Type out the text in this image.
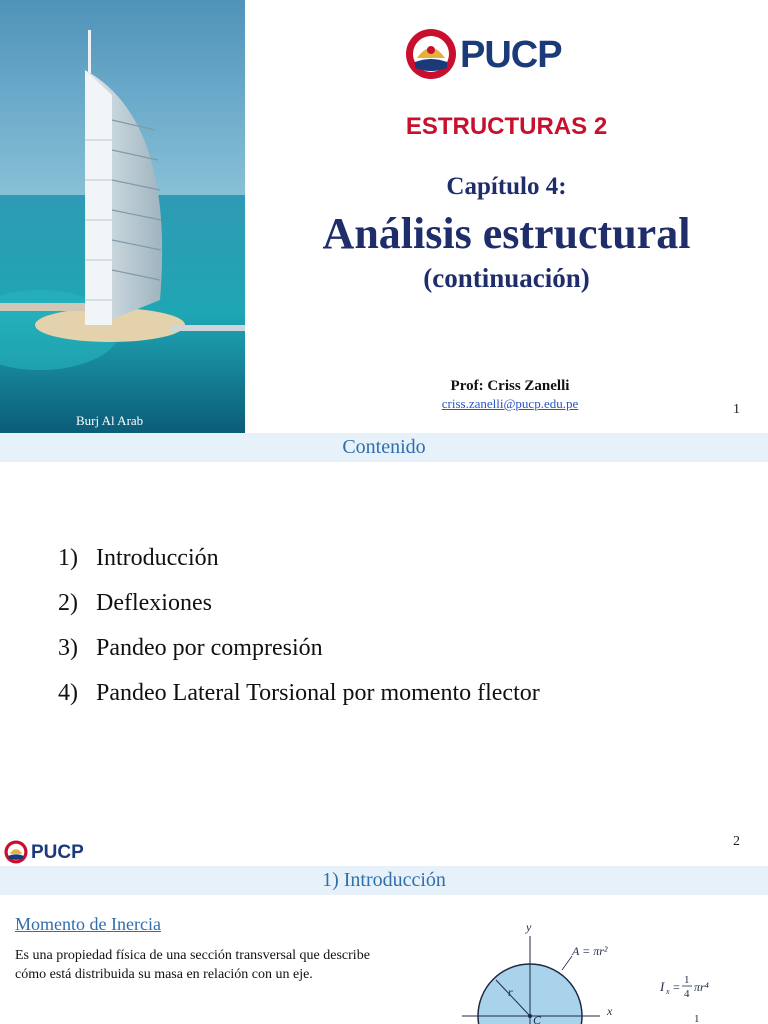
Burj Al Arab
PUCP
ESTRUCTURAS 2
Capítulo 4:
Análisis estructural
(continuación)
Prof: Criss Zanelli
criss.zanelli@pucp.edu.pe	1
Contenido
1) Introducción
2) Deflexiones
3) Pandeo por compresión
4) Pandeo Lateral Torsional por momento flector
PUCP
2
1) Introducción
Momento de Inercia
Es una propiedad física de una sección transversal que describe cómo está distribuida su masa en relación con un eje.
y
x
r
C
A = πr²
I x = 1
4 πr⁴
1
